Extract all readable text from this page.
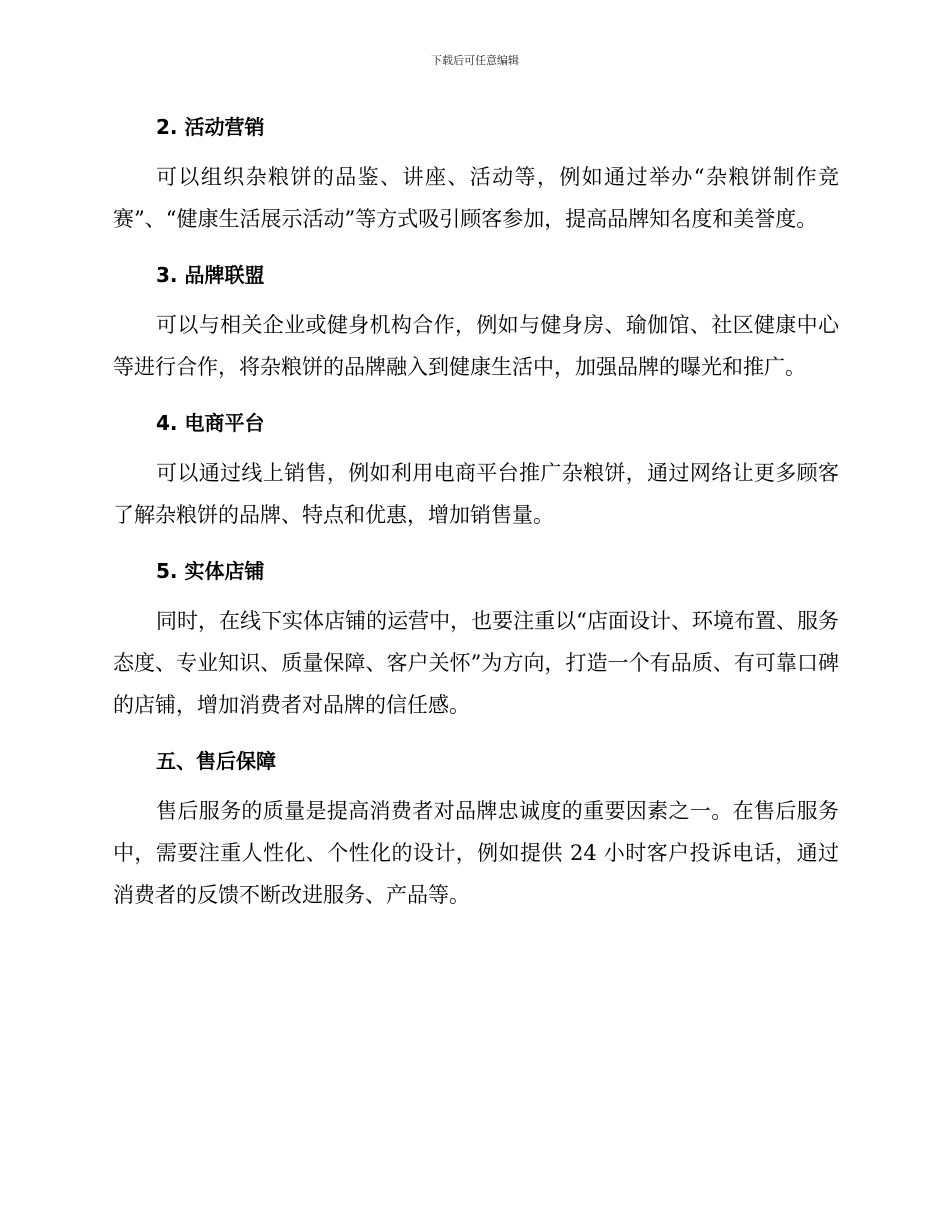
下载后可任意编辑
2. 活动营销

可以组织杂粮饼的品鉴、讲座、活动等，例如通过举办“杂粮饼制作竞赛”、“健康生活展示活动”等方式吸引顾客参加，提高品牌知名度和美誉度。

3. 品牌联盟

可以与相关企业或健身机构合作，例如与健身房、瑜伽馆、社区健康中心等进行合作，将杂粮饼的品牌融入到健康生活中，加强品牌的曝光和推广。

4. 电商平台

可以通过线上销售，例如利用电商平台推广杂粮饼，通过网络让更多顾客了解杂粮饼的品牌、特点和优惠，增加销售量。

5. 实体店铺

同时，在线下实体店铺的运营中，也要注重以“店面设计、环境布置、服务态度、专业知识、质量保障、客户关怀”为方向，打造一个有品质、有可靠口碑的店铺，增加消费者对品牌的信任感。

五、售后保障

售后服务的质量是提高消费者对品牌忠诚度的重要因素之一。在售后服务中，需要注重人性化、个性化的设计，例如提供 24 小时客户投诉电话，通过消费者的反馈不断改进服务、产品等。
